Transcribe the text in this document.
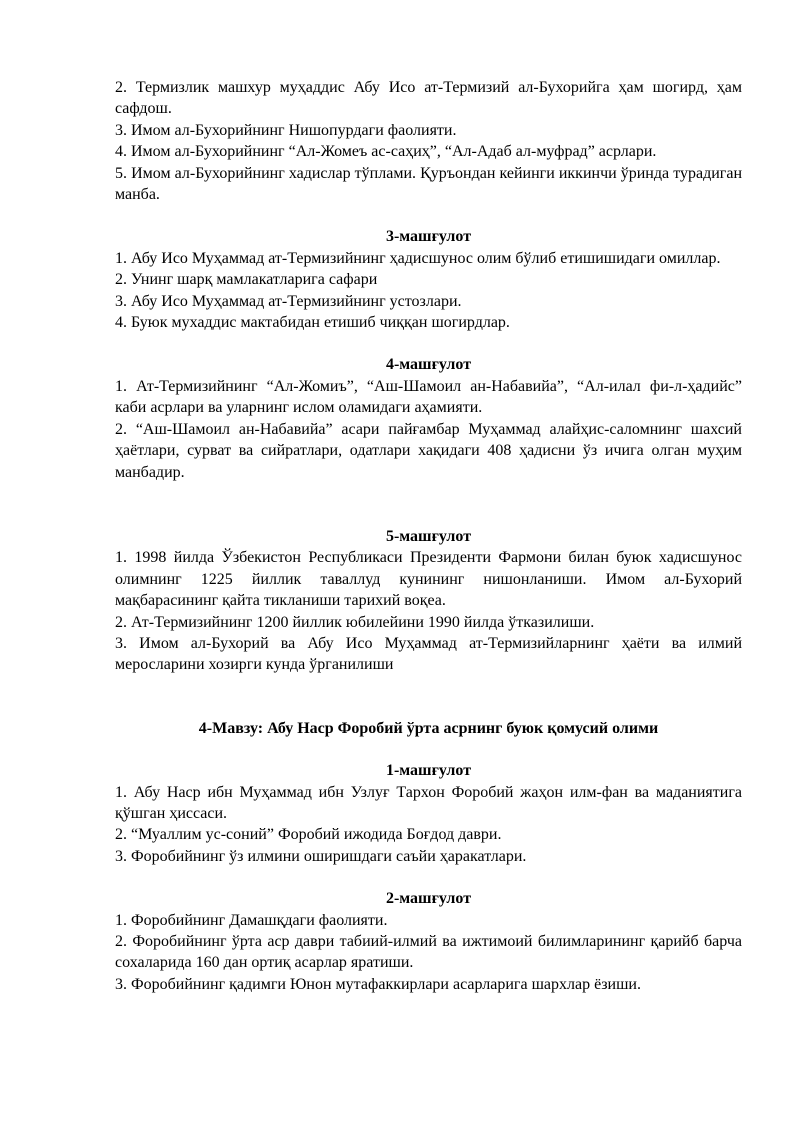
2. Термизлик машхур муҳаддис Абу Исо ат-Термизий ал-Бухорийга ҳам шогирд, ҳам сафдош.

3. Имом ал-Бухорийнинг Нишопурдаги фаолияти.

4. Имом ал-Бухорийнинг “Ал-Жомеъ ас-саҳиҳ”, “Ал-Адаб ал-муфрад” асрлари.

5. Имом ал-Бухорийнинг хадислар тўплами. Қуръондан кейинги иккинчи ўринда турадиган манба.

3-машғулот

1. Абу Исо Муҳаммад ат-Термизийнинг ҳадисшунос олим бўлиб етишишидаги омиллар.

2. Унинг шарқ мамлакатларига сафари

3. Абу Исо Муҳаммад ат-Термизийнинг устозлари.

4. Буюк мухаддис мактабидан етишиб чиққан шогирдлар.

4-машғулот

1. Ат-Термизийнинг “Ал-Жомиъ”, “Аш-Шамоил ан-Набавийа”, “Ал-илал фи-л-ҳадийс” каби асрлари ва уларнинг ислом оламидаги аҳамияти.

2. “Аш-Шамоил ан-Набавийа” асари пайғамбар Муҳаммад алайҳис-саломнинг шахсий ҳаётлари, сурват ва сийратлари, одатлари хақидаги 408 ҳадисни ўз ичига олган муҳим манбадир.

5-машғулот

1. 1998 йилда Ўзбекистон Республикаси Президенти Фармони билан буюк хадисшунос олимнинг 1225 йиллик таваллуд кунининг нишонланиши. Имом ал-Бухорий мақбарасининг қайта тикланиши тарихий воқеа.

2. Ат-Термизийнинг 1200 йиллик юбилейини 1990 йилда ўтказилиши.

3. Имом ал-Бухорий ва Абу Исо Муҳаммад ат-Термизийларнинг ҳаёти ва илмий меросларини хозирги кунда ўрганилиши

4-Мавзу: Абу Наср Форобий ўрта асрнинг буюк қомусий олими
1-машғулот

1. Абу Наср ибн Муҳаммад ибн Узлуғ Тархон Форобий жаҳон илм-фан ва маданиятига қўшган ҳиссаси.

2. “Муаллим ус-соний” Форобий ижодида Боғдод даври.

3. Форобийнинг ўз илмини оширишдаги саъйи ҳаракатлари.

2-машғулот

1. Форобийнинг Дамашқдаги фаолияти.

2. Форобийнинг ўрта аср даври табиий-илмий ва ижтимоий билимларининг қарийб барча сохаларида 160 дан ортиқ асарлар яратиши.

3. Форобийнинг қадимги Юнон мутафаккирлари асарларига шархлар ёзиши.
